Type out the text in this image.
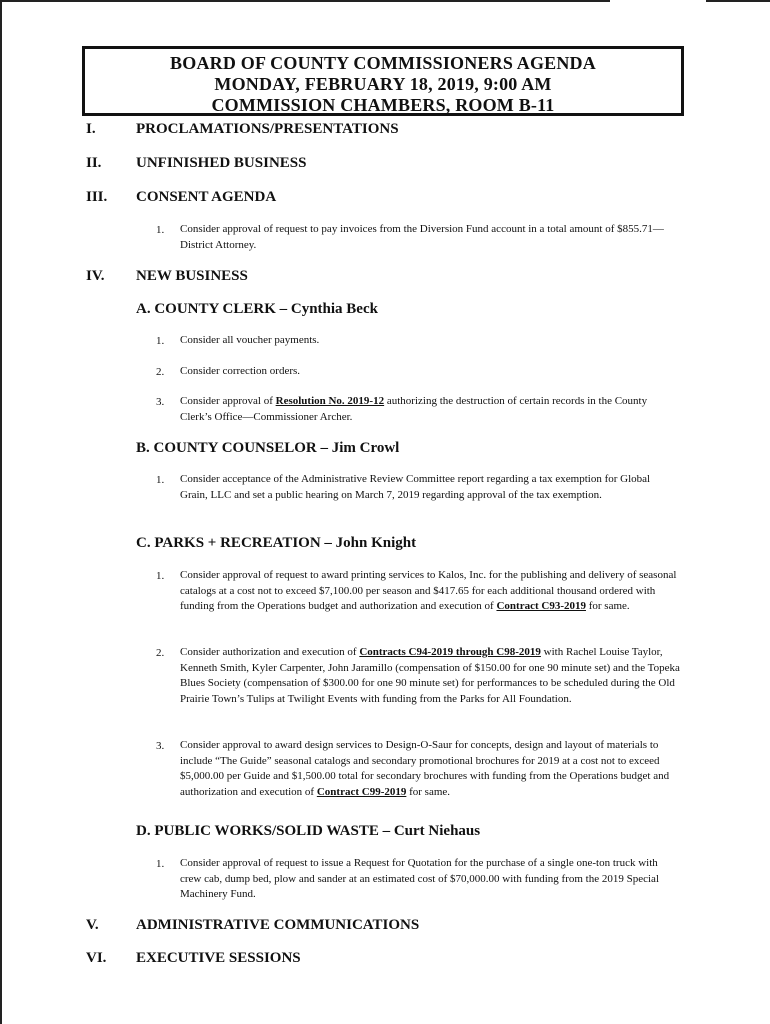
BOARD OF COUNTY COMMISSIONERS AGENDA
MONDAY, FEBRUARY 18, 2019, 9:00 AM
COMMISSION CHAMBERS, ROOM B-11
I.	PROCLAMATIONS/PRESENTATIONS
II. UNFINISHED BUSINESS
III. CONSENT AGENDA
1. Consider approval of request to pay invoices from the Diversion Fund account in a total amount of $855.71—District Attorney.
IV. NEW BUSINESS
A. COUNTY CLERK – Cynthia Beck
1. Consider all voucher payments.
2. Consider correction orders.
3. Consider approval of Resolution No. 2019-12 authorizing the destruction of certain records in the County Clerk’s Office—Commissioner Archer.
B. COUNTY COUNSELOR – Jim Crowl
1. Consider acceptance of the Administrative Review Committee report regarding a tax exemption for Global Grain, LLC and set a public hearing on March 7, 2019 regarding approval of the tax exemption.
C. PARKS + RECREATION – John Knight
1. Consider approval of request to award printing services to Kalos, Inc. for the publishing and delivery of seasonal catalogs at a cost not to exceed $7,100.00 per season and $417.65 for each additional thousand ordered with funding from the Operations budget and authorization and execution of Contract C93-2019 for same.
2. Consider authorization and execution of Contracts C94-2019 through C98-2019 with Rachel Louise Taylor, Kenneth Smith, Kyler Carpenter, John Jaramillo (compensation of $150.00 for one 90 minute set) and the Topeka Blues Society (compensation of $300.00 for one 90 minute set) for performances to be scheduled during the Old Prairie Town’s Tulips at Twilight Events with funding from the Parks for All Foundation.
3. Consider approval to award design services to Design-O-Saur for concepts, design and layout of materials to include “The Guide” seasonal catalogs and secondary promotional brochures for 2019 at a cost not to exceed $5,000.00 per Guide and $1,500.00 total for secondary brochures with funding from the Operations budget and authorization and execution of Contract C99-2019 for same.
D. PUBLIC WORKS/SOLID WASTE – Curt Niehaus
1. Consider approval of request to issue a Request for Quotation for the purchase of a single one-ton truck with crew cab, dump bed, plow and sander at an estimated cost of $70,000.00 with funding from the 2019 Special Machinery Fund.
V. ADMINISTRATIVE COMMUNICATIONS
VI. EXECUTIVE SESSIONS
